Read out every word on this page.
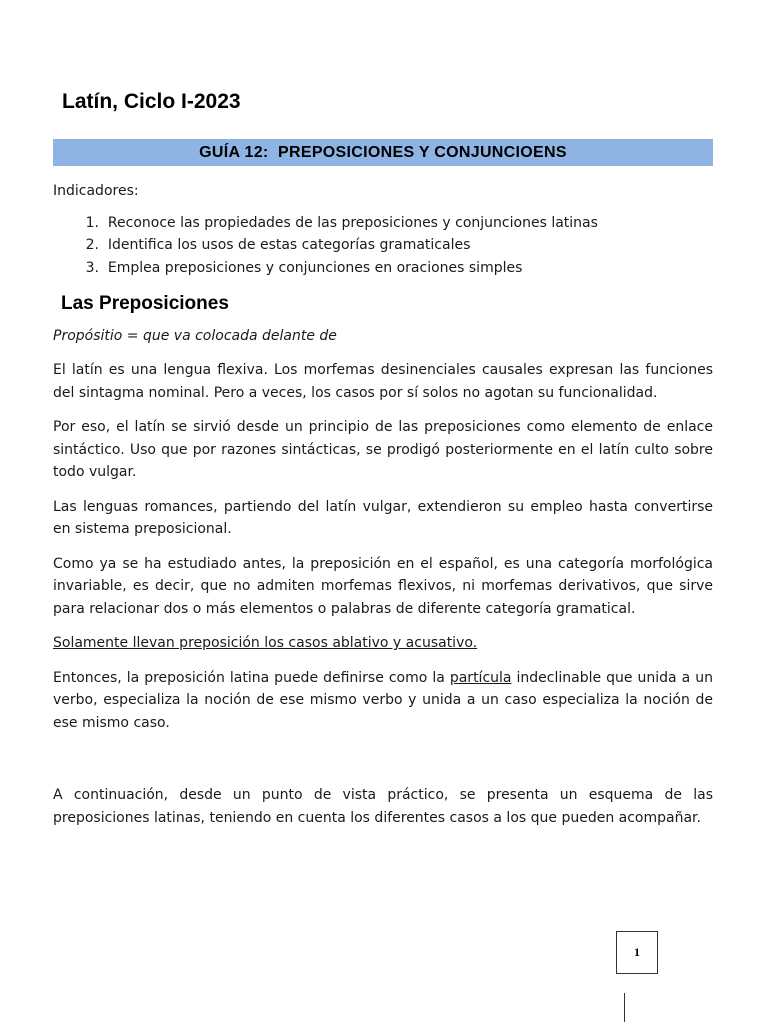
Latín, Ciclo I-2023
GUÍA 12:  PREPOSICIONES Y CONJUNCIOENS

Indicadores:

1. Reconoce las propiedades de las preposiciones y conjunciones latinas
2. Identifica los usos de estas categorías gramaticales
3. Emplea preposiciones y conjunciones en oraciones simples
Las Preposiciones

Propósitio = que va colocada delante de

El latín es una lengua flexiva. Los morfemas desinenciales causales expresan las funciones del sintagma nominal. Pero a veces, los casos por sí solos no agotan su funcionalidad.

Por eso, el latín se sirvió desde un principio de las preposiciones como elemento de enlace sintáctico. Uso que por razones sintácticas, se prodigó posteriormente en el latín culto sobre todo vulgar.

Las lenguas romances, partiendo del latín vulgar, extendieron su empleo hasta convertirse en sistema preposicional.

Como ya se ha estudiado antes, la preposición en el español, es una categoría morfológica invariable, es decir, que no admiten morfemas flexivos, ni morfemas derivativos, que sirve para relacionar dos o más elementos o palabras de diferente categoría gramatical.

Solamente llevan preposición los casos ablativo y acusativo.

Entonces, la preposición latina puede definirse como la partícula indeclinable que unida a un verbo, especializa la noción de ese mismo verbo y unida a un caso especializa la noción de ese mismo caso.

A continuación, desde un punto de vista práctico, se presenta un esquema de las preposiciones latinas, teniendo en cuenta los diferentes casos a los que pueden acompañar.

1
